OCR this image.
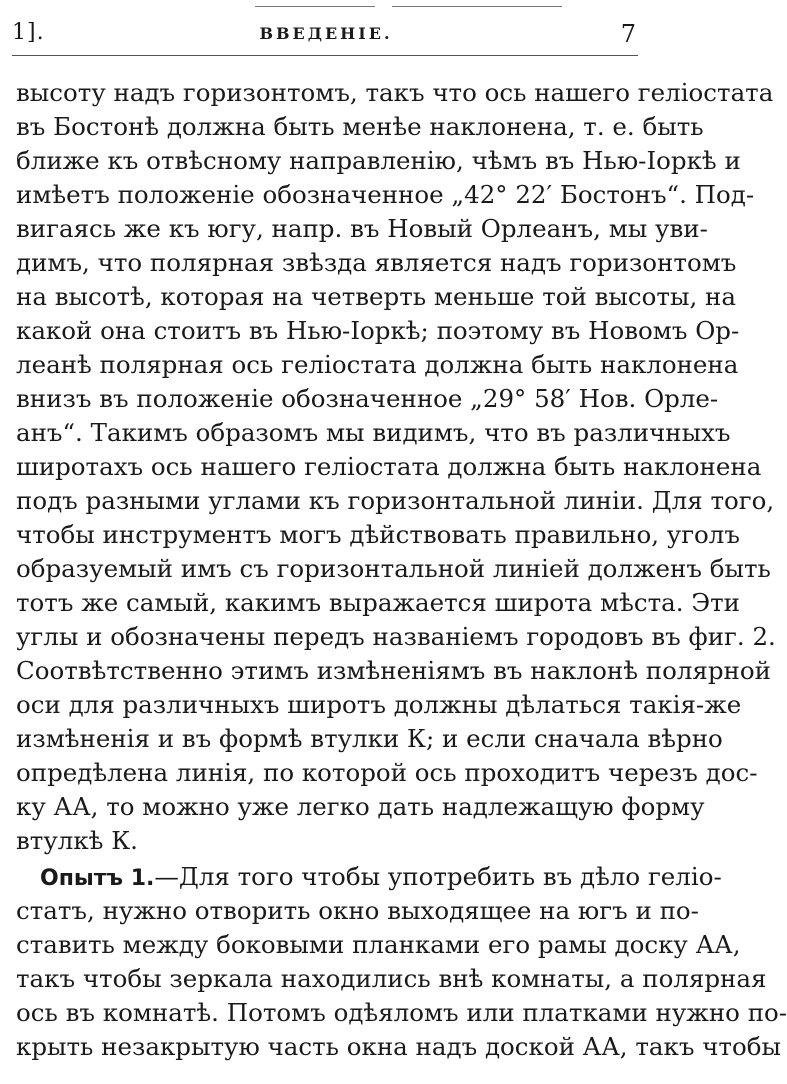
1].	ВВЕДЕНІЕ.	7
высоту надъ горизонтомъ, такъ что ось нашего геліостата
въ Бостонѣ должна быть менѣе наклонена, т. е. быть
ближе къ отвѣсному направленію, чѣмъ въ Нью-Іоркѣ и
имѣетъ положеніе обозначенное „42° 22′ Бостонъ“. Под-
вигаясь же къ югу, напр. въ Новый Орлеанъ, мы уви-
димъ, что полярная звѣзда является надъ горизонтомъ
на высотѣ, которая на четверть меньше той высоты, на
какой она стоитъ въ Нью-Іоркѣ; поэтому въ Новомъ Ор-
леанѣ полярная ось геліостата должна быть наклонена
внизъ въ положеніе обозначенное „29° 58′ Нов. Орле-
анъ“. Такимъ образомъ мы видимъ, что въ различныхъ
широтахъ ось нашего геліостата должна быть наклонена
подъ разными углами къ горизонтальной линіи. Для того,
чтобы инструментъ могъ дѣйствовать правильно, уголъ
образуемый имъ съ горизонтальной линіей долженъ быть
тотъ же самый, какимъ выражается широта мѣста. Эти
углы и обозначены передъ названіемъ городовъ въ фиг. 2.
Соотвѣтственно этимъ измѣненіямъ въ наклонѣ полярной
оси для различныхъ широтъ должны дѣлаться такія-же
измѣненія и въ формѣ втулки К; и если сначала вѣрно
опредѣлена линія, по которой ось проходитъ черезъ дос-
ку АА, то можно уже легко дать надлежащую форму
втулкѣ К.
Опытъ 1.—Для того чтобы употребить въ дѣло геліо-
статъ, нужно отворить окно выходящее на югъ и по-
ставить между боковыми планками его рамы доску АА,
такъ чтобы зеркала находились внѣ комнаты, а полярная
ось въ комнатѣ. Потомъ одѣяломъ или платками нужно по-
крыть незакрытую часть окна надъ доской АА, такъ чтобы
